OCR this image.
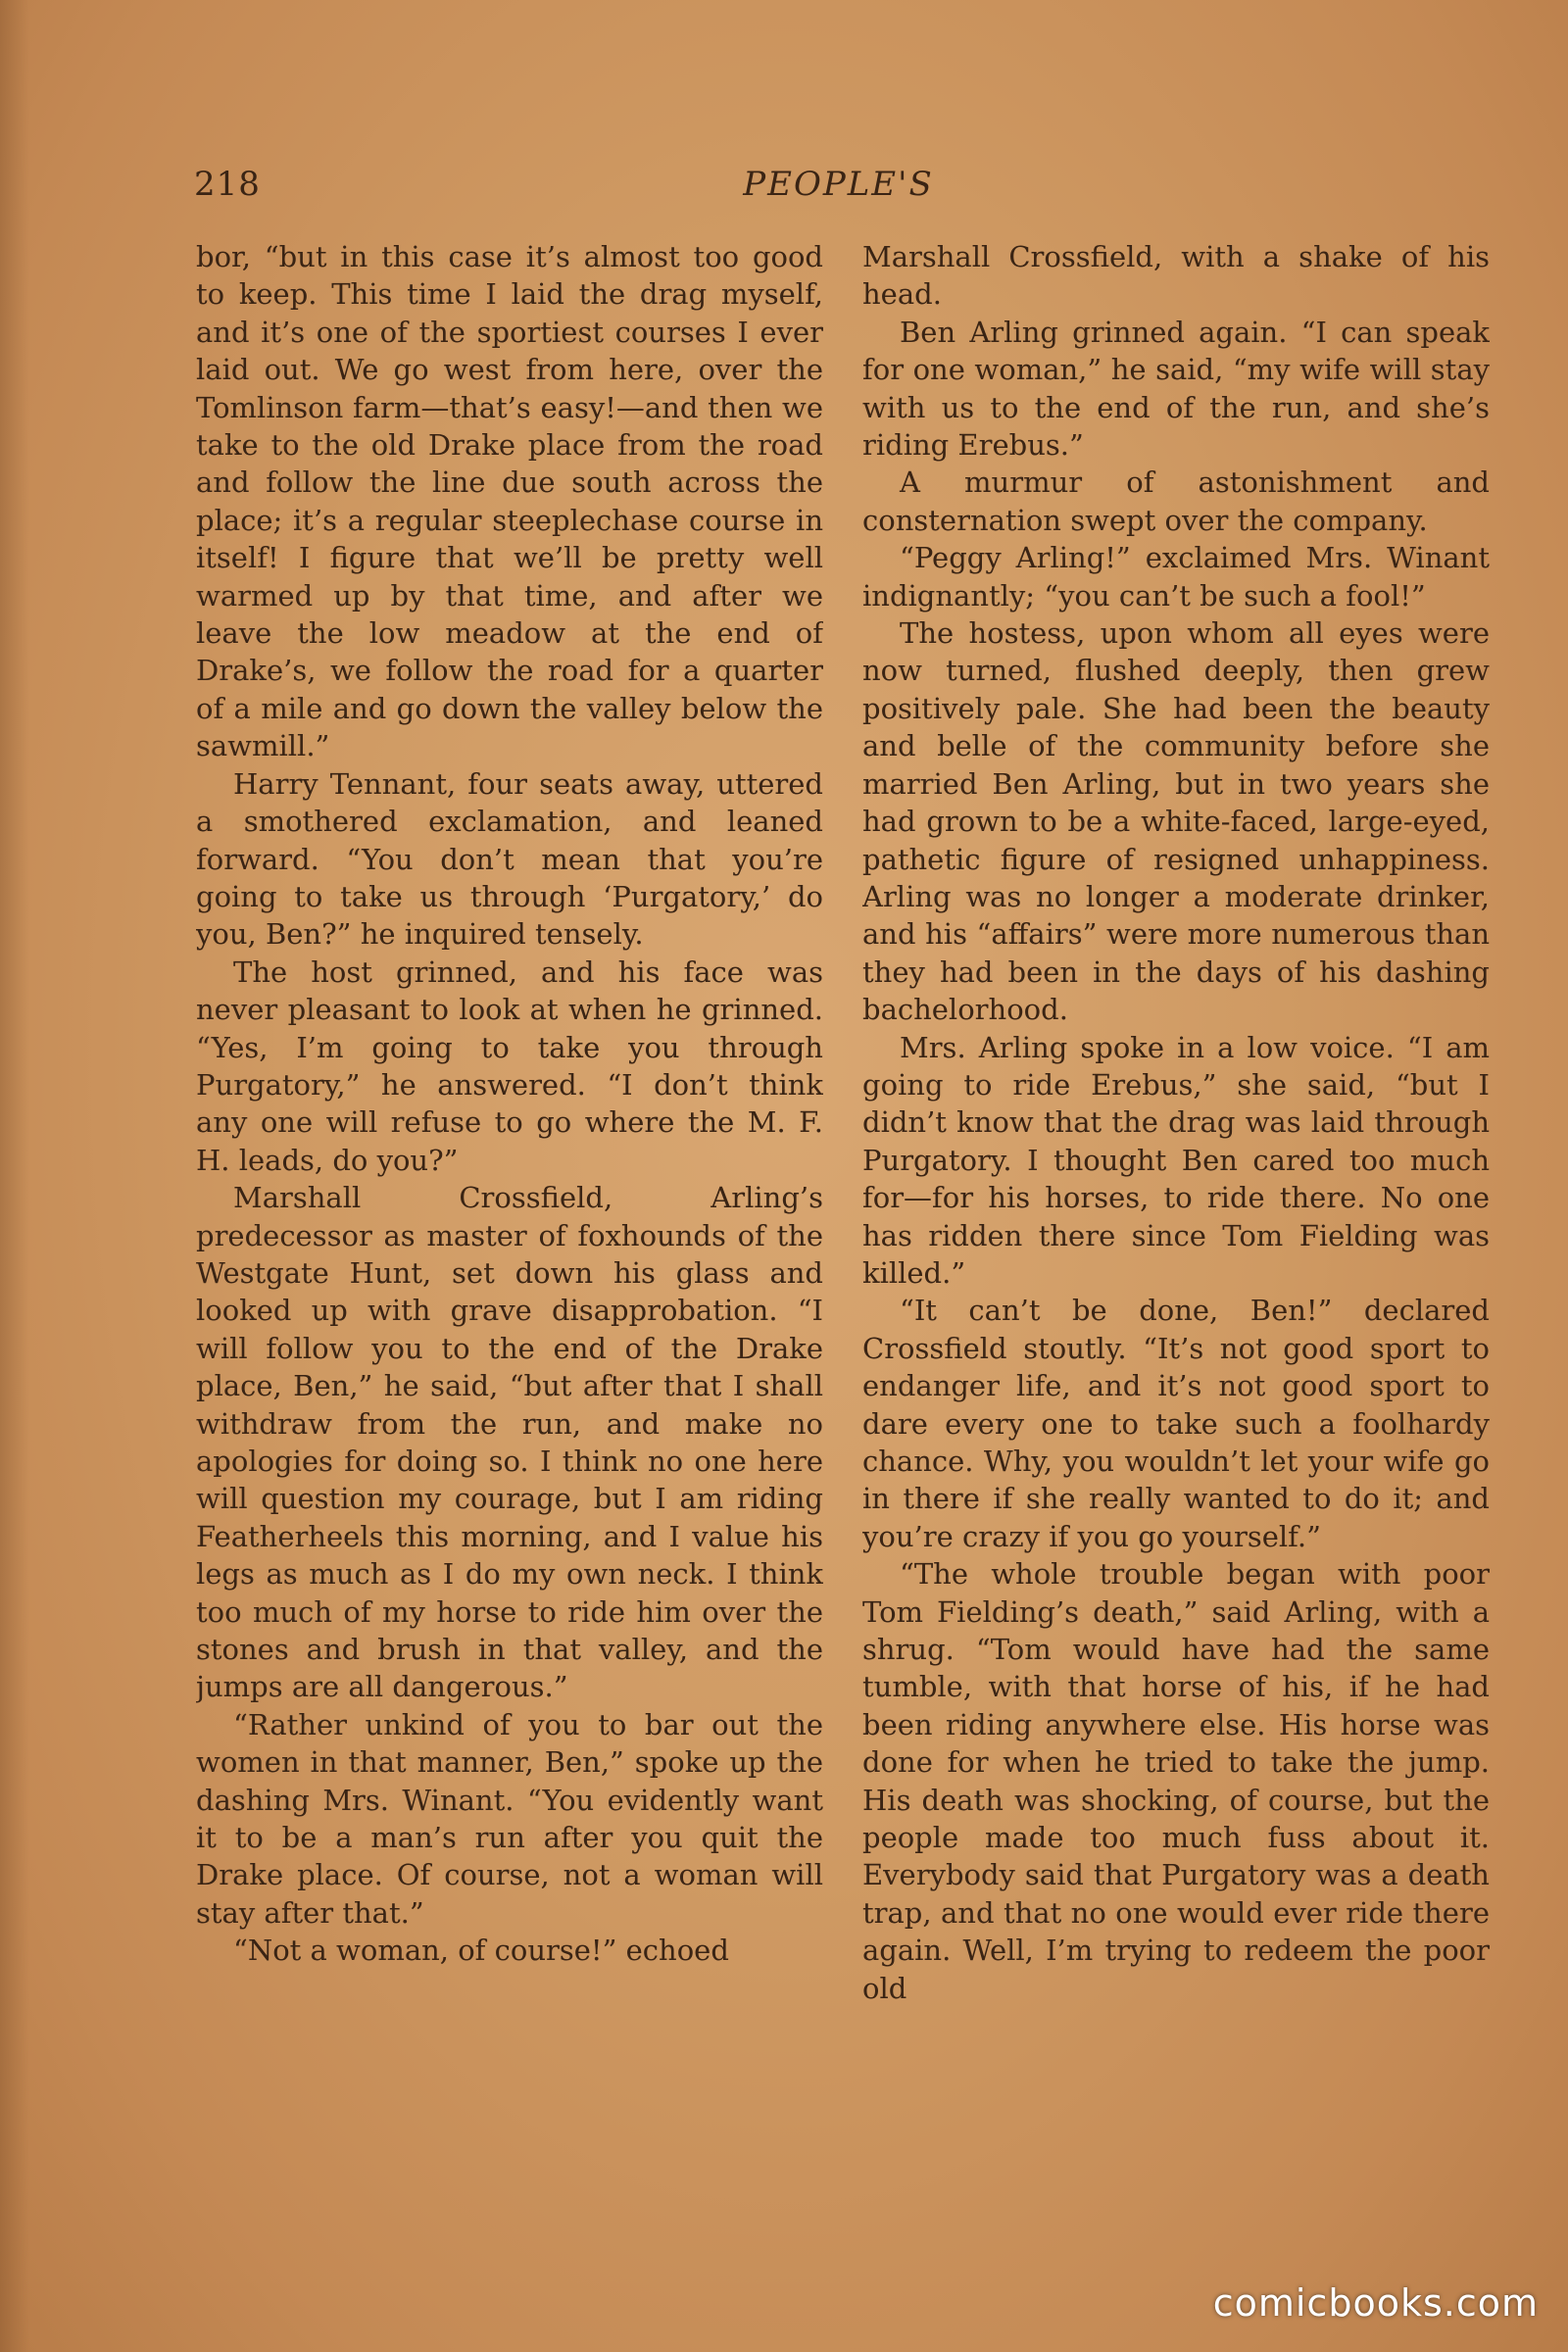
218	PEOPLE'S

bor, “but in this case it’s almost too good to keep. This time I laid the drag myself, and it’s one of the sportiest courses I ever laid out. We go west from here, over the Tomlinson farm—that’s easy!—and then we take to the old Drake place from the road and follow the line due south across the place; it’s a regular steeplechase course in itself! I figure that we’ll be pretty well warmed up by that time, and after we leave the low meadow at the end of Drake’s, we follow the road for a quarter of a mile and go down the valley below the sawmill.”

Harry Tennant, four seats away, uttered a smothered exclamation, and leaned forward. “You don’t mean that you’re going to take us through ‘Purgatory,’ do you, Ben?” he inquired tensely.

The host grinned, and his face was never pleasant to look at when he grinned. “Yes, I’m going to take you through Purgatory,” he answered. “I don’t think any one will refuse to go where the M. F. H. leads, do you?”

Marshall Crossfield, Arling’s predecessor as master of foxhounds of the Westgate Hunt, set down his glass and looked up with grave disapprobation. “I will follow you to the end of the Drake place, Ben,” he said, “but after that I shall withdraw from the run, and make no apologies for doing so. I think no one here will question my courage, but I am riding Featherheels this morning, and I value his legs as much as I do my own neck. I think too much of my horse to ride him over the stones and brush in that valley, and the jumps are all dangerous.”

“Rather unkind of you to bar out the women in that manner, Ben,” spoke up the dashing Mrs. Winant. “You evidently want it to be a man’s run after you quit the Drake place. Of course, not a woman will stay after that.”

“Not a woman, of course!” echoed

Marshall Crossfield, with a shake of his head.

Ben Arling grinned again. “I can speak for one woman,” he said, “my wife will stay with us to the end of the run, and she’s riding Erebus.”

A murmur of astonishment and consternation swept over the company.

“Peggy Arling!” exclaimed Mrs. Winant indignantly; “you can’t be such a fool!”

The hostess, upon whom all eyes were now turned, flushed deeply, then grew positively pale. She had been the beauty and belle of the community before she married Ben Arling, but in two years she had grown to be a white-faced, large-eyed, pathetic figure of resigned unhappiness. Arling was no longer a moderate drinker, and his “affairs” were more numerous than they had been in the days of his dashing bachelorhood.

Mrs. Arling spoke in a low voice. “I am going to ride Erebus,” she said, “but I didn’t know that the drag was laid through Purgatory. I thought Ben cared too much for—for his horses, to ride there. No one has ridden there since Tom Fielding was killed.”

“It can’t be done, Ben!” declared Crossfield stoutly. “It’s not good sport to endanger life, and it’s not good sport to dare every one to take such a foolhardy chance. Why, you wouldn’t let your wife go in there if she really wanted to do it; and you’re crazy if you go yourself.”

“The whole trouble began with poor Tom Fielding’s death,” said Arling, with a shrug. “Tom would have had the same tumble, with that horse of his, if he had been riding anywhere else. His horse was done for when he tried to take the jump. His death was shocking, of course, but the people made too much fuss about it. Everybody said that Purgatory was a death trap, and that no one would ever ride there again. Well, I’m trying to redeem the poor old

comicbooks.com
